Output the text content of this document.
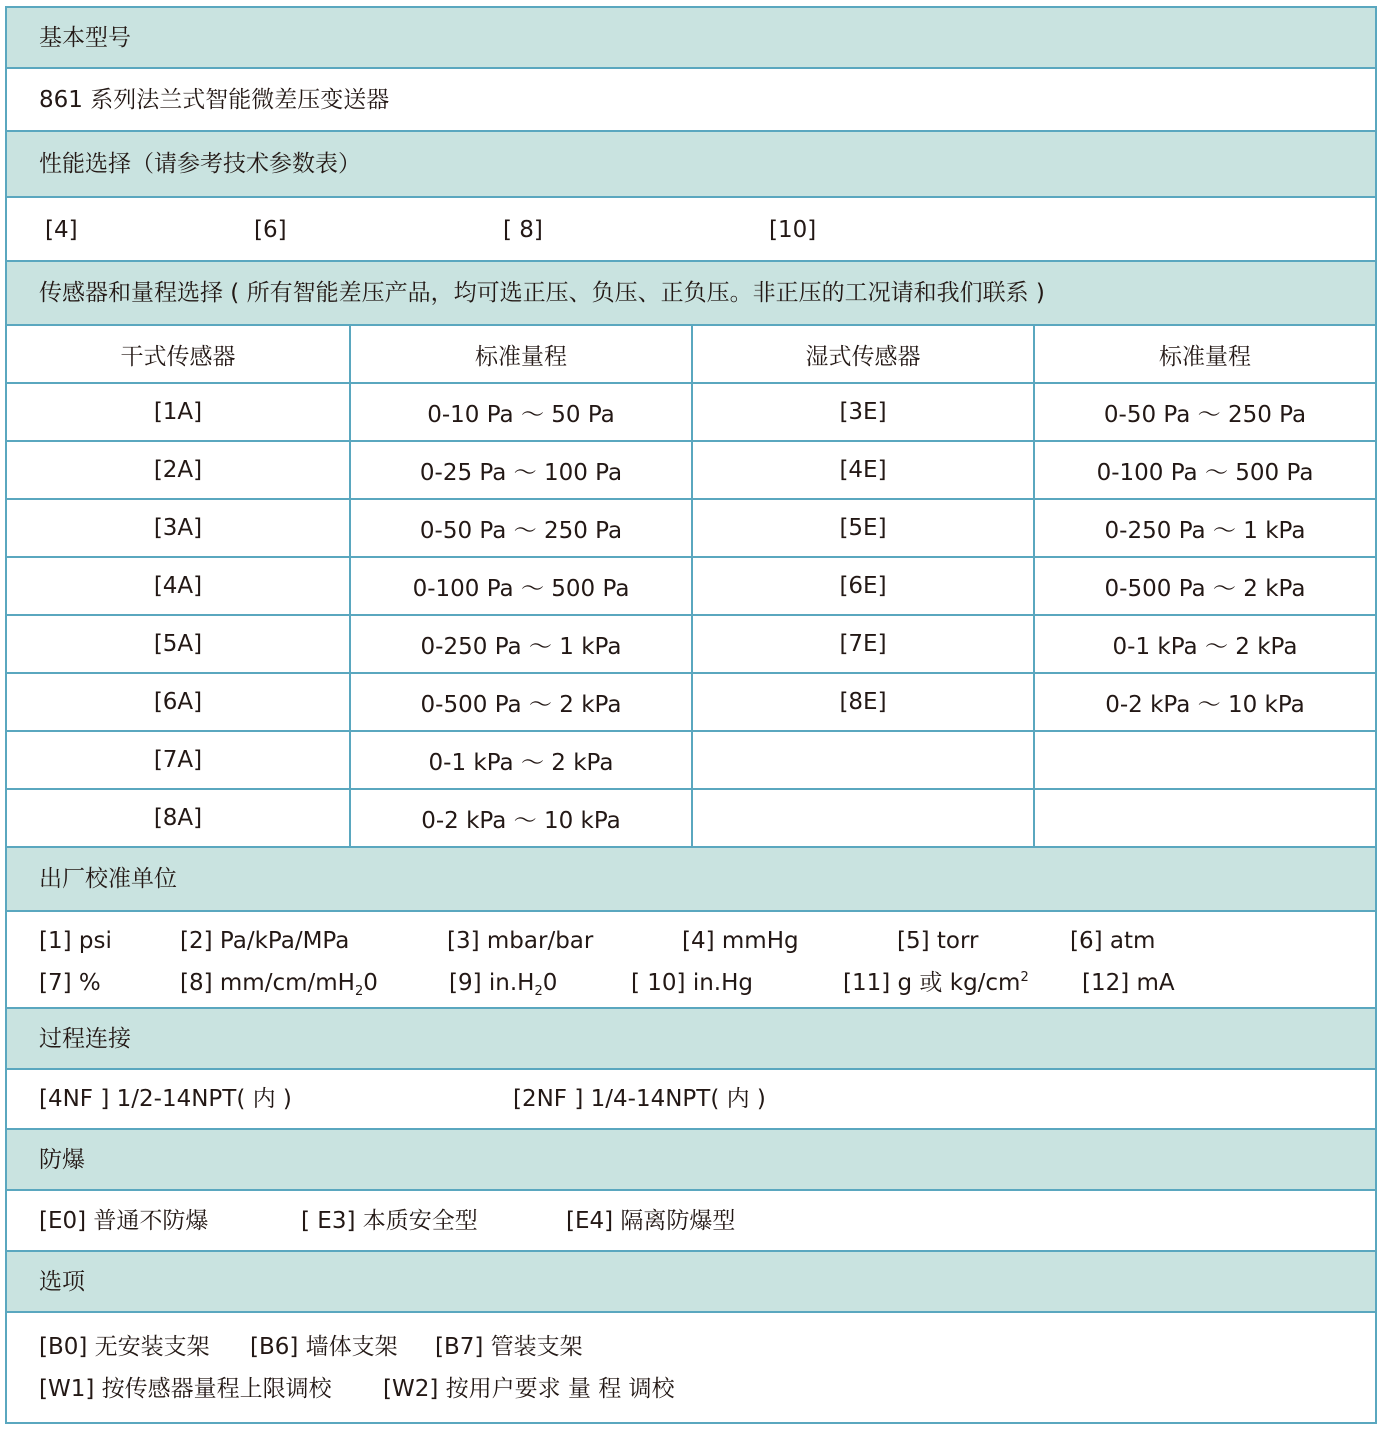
基本型号
861 系列法兰式智能微差压变送器
性能选择（请参考技术参数表）
[4]	[6]	[ 8]	[10]
传感器和量程选择 ( 所有智能差压产品，均可选正压、负压、正负压。非正压的工况请和我们联系 )
干式传感器	标准量程	湿式传感器	标准量程
[1A]	0-10 Pa ～ 50 Pa	[3E]	0-50 Pa ～ 250 Pa
[2A]	0-25 Pa ～ 100 Pa	[4E]	0-100 Pa ～ 500 Pa
[3A]	0-50 Pa ～ 250 Pa	[5E]	0-250 Pa ～ 1 kPa
[4A]	0-100 Pa ～ 500 Pa	[6E]	0-500 Pa ～ 2 kPa
[5A]	0-250 Pa ～ 1 kPa	[7E]	0-1 kPa ～ 2 kPa
[6A]	0-500 Pa ～ 2 kPa	[8E]	0-2 kPa ～ 10 kPa
[7A]	0-1 kPa ～ 2 kPa
[8A]	0-2 kPa ～ 10 kPa
出厂校准单位
[1] psi	[2] Pa/kPa/MPa	[3] mbar/bar	[4] mmHg	[5] torr	[6] atm
[7] %	[8] $mm/cm/mH_20$	[9] $in.H_20$	[ 10] in.Hg	[11] g 或 $kg/cm^2$ [12] mA
过程连接
[4NF ] 1/2-14NPT( 内 )	[2NF ] 1/4-14NPT( 内 )
防爆
[E0] 普通不防爆	[ E3] 本质安全型	[E4] 隔离防爆型
选项
[B0] 无安装支架 [B6] 墙体支架 [B7] 管装支架
[W1] 按传感器量程上限调校 [W2] 按用户要求 量 程 调校
